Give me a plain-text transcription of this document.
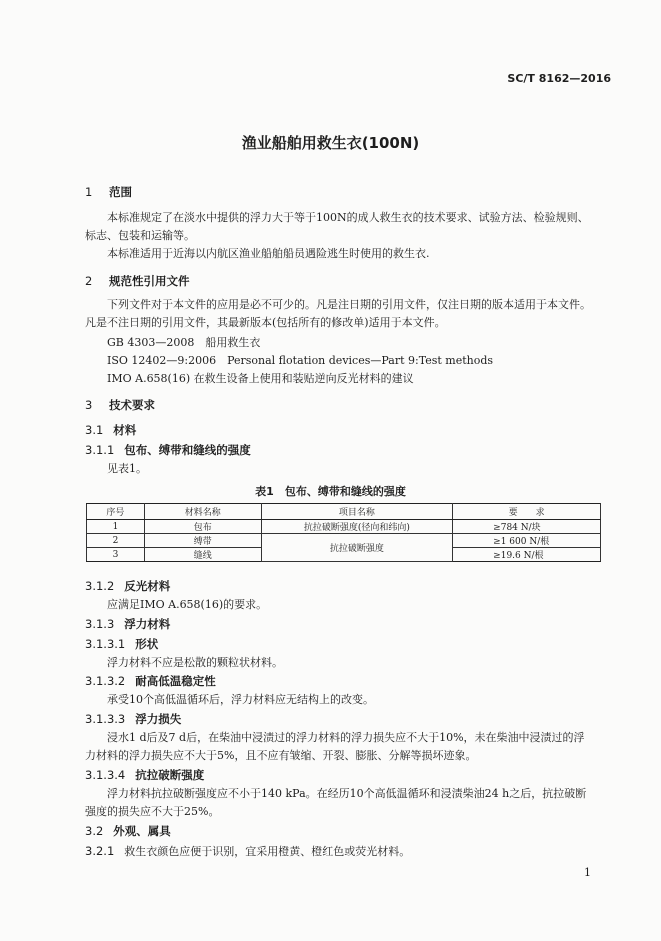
SC/T 8162—2016
渔业船舶用救生衣(100N)
1 范围
本标准规定了在淡水中提供的浮力大于等于100N的成人救生衣的技术要求、试验方法、检验规则、标志、包装和运输等。
本标准适用于近海以内航区渔业船舶船员遇险逃生时使用的救生衣.
2 规范性引用文件
下列文件对于本文件的应用是必不可少的。凡是注日期的引用文件，仅注日期的版本适用于本文件。凡是不注日期的引用文件，其最新版本(包括所有的修改单)适用于本文件。
GB 4303—2008　船用救生衣
ISO 12402—9:2006　Personal flotation devices—Part 9:Test methods
IMO A.658(16) 在救生设备上使用和装贴逆向反光材料的建议
3 技术要求
3.1 材料
3.1.1 包布、缚带和缝线的强度
见表1。
表1　包布、缚带和缝线的强度
序号	材料名称	项目名称	要　　求
1	包布	抗拉破断强度(径向和纬向)	≥784 N/块
2	缚带	抗拉破断强度	≥1 600 N/根
3	缝线		≥19.6 N/根
3.1.2 反光材料
应满足IMO A.658(16)的要求。
3.1.3 浮力材料
3.1.3.1 形状
浮力材料不应是松散的颗粒状材料。
3.1.3.2 耐高低温稳定性
承受10个高低温循环后，浮力材料应无结构上的改变。
3.1.3.3 浮力损失
浸水1 d后及7 d后，在柴油中浸渍过的浮力材料的浮力损失应不大于10%，未在柴油中浸渍过的浮力材料的浮力损失应不大于5%，且不应有皱缩、开裂、膨胀、分解等损坏迹象。
3.1.3.4 抗拉破断强度
浮力材料抗拉破断强度应不小于140 kPa。在经历10个高低温循环和浸渍柴油24 h之后，抗拉破断强度的损失应不大于25%。
3.2 外观、属具
3.2.1 救生衣颜色应便于识别，宜采用橙黄、橙红色或荧光材料。
1
